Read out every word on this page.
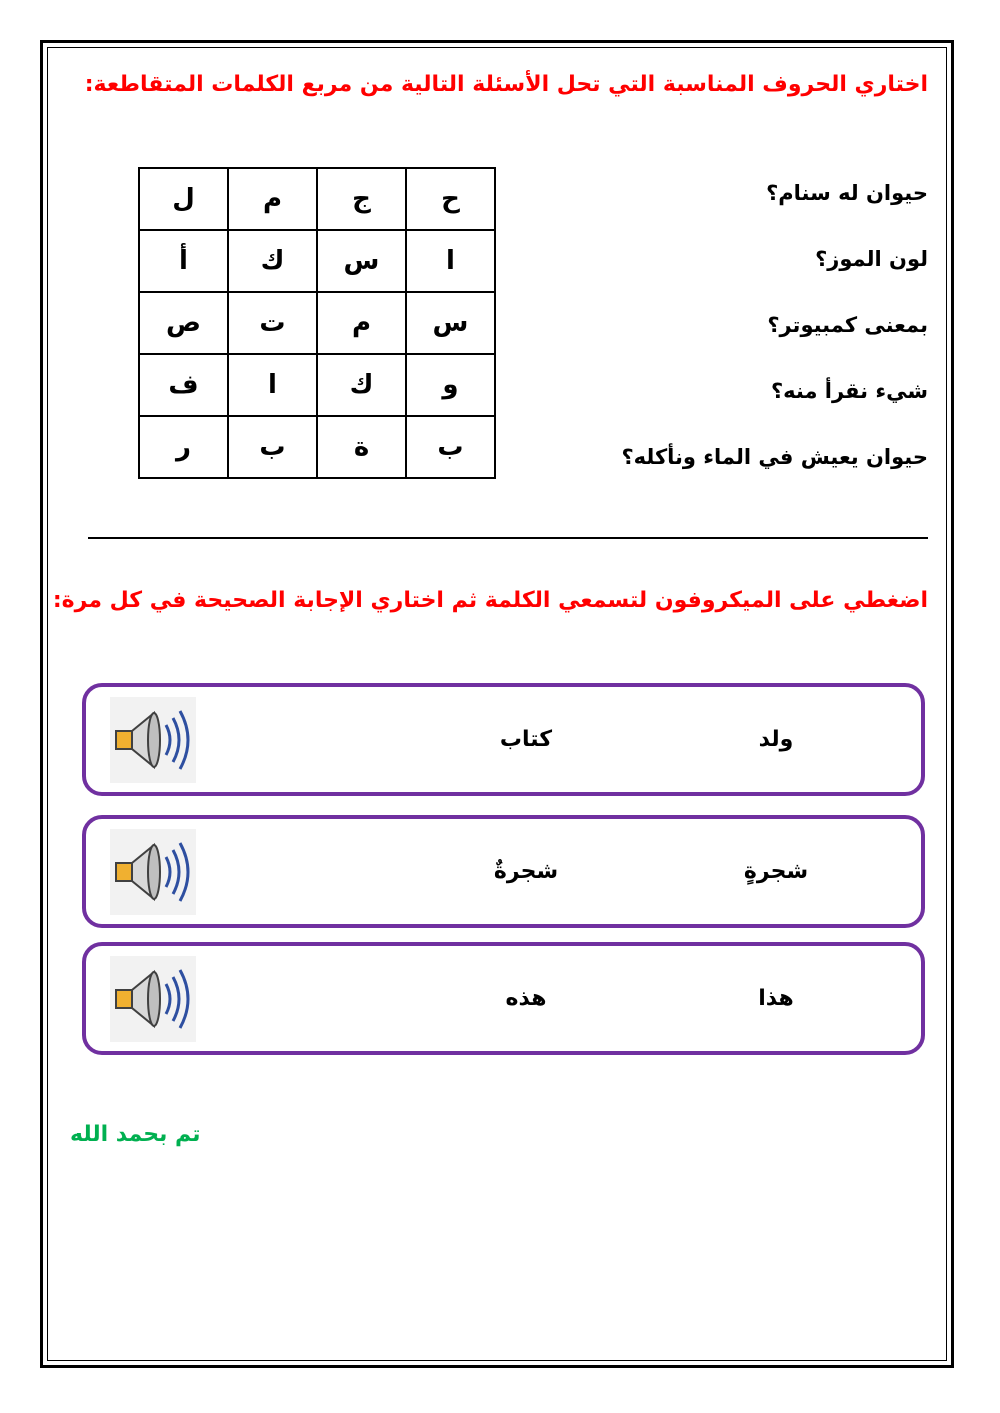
اختاري الحروف المناسبة التي تحل الأسئلة التالية من مربع الكلمات المتقاطعة:
ل	م	ج	ح
أ	ك	س	ا
ص	ت	م	س
ف	ا	ك	و
ر	ب	ة	ب
حيوان له سنام؟
لون الموز؟
بمعنى كمبيوتر؟
شيء نقرأ منه؟
حيوان يعيش في الماء ونأكله؟
اضغطي على الميكروفون لتسمعي الكلمة ثم اختاري الإجابة الصحيحة في كل مرة:
كتاب	ولد
شجرةٌ	شجرةٍ
هذه	هذا
تم بحمد الله
